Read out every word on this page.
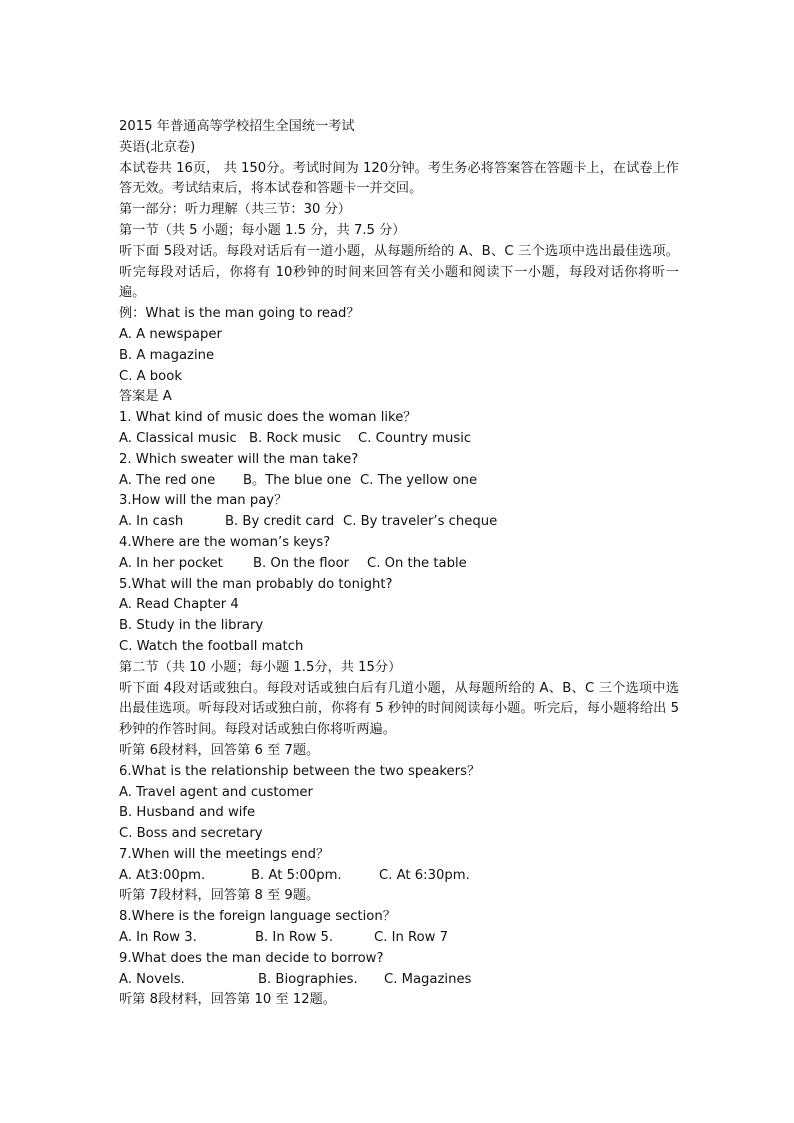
2015 年普通高等学校招生全国统一考试
英语(北京卷)
本试卷共 16页， 共 150分。考试时间为 120分钟。考生务必将答案答在答题卡上，在试卷上作答无效。考试结束后，将本试卷和答题卡一并交回。
第一部分：听力理解（共三节：30 分）
第一节（共 5 小题；每小题 1.5 分，共 7.5 分）
听下面 5段对话。每段对话后有一道小题，从每题所给的 A、B、C 三个选项中选出最佳选项。听完每段对话后，你将有 10秒钟的时间来回答有关小题和阅读下一小题，每段对话你将听一遍。
例：What is the man going to read？
A. A newspaper
B. A magazine
C. A book
答案是 A
1. What kind of music does the woman like？
A. Classical music B. Rock music C. Country music
2. Which sweater will the man take?
A. The red one B。The blue one C. The yellow one
3.How will the man pay？
A. In cash	B. By credit card C. By traveler’s cheque
4.Where are the woman’s keys?
A. In her pocket B. On the floor C. On the table
5.What will the man probably do tonight?
A. Read Chapter 4
B. Study in the library
C. Watch the football match
第二节（共 10 小题；每小题 1.5分，共 15分）
听下面 4段对话或独白。每段对话或独白后有几道小题，从每题所给的 A、B、C 三个选项中选出最佳选项。听每段对话或独白前，你将有 5 秒钟的时间阅读每小题。听完后，每小题将给出 5 秒钟的作答时间。每段对话或独白你将听两遍。
听第 6段材料，回答第 6 至 7题。
6.What is the relationship between the two speakers？
A. Travel agent and customer
B. Husband and wife
C. Boss and secretary
7.When will the meetings end？
A. At3:00pm.	B. At 5:00pm.	C. At 6:30pm.
听第 7段材料，回答第 8 至 9题。
8.Where is the foreign language section？
A. In Row 3.	B. In Row 5.	C. In Row 7
9.What does the man decide to borrow?
A. Novels.	B. Biographies. C. Magazines
听第 8段材料，回答第 10 至 12题。
